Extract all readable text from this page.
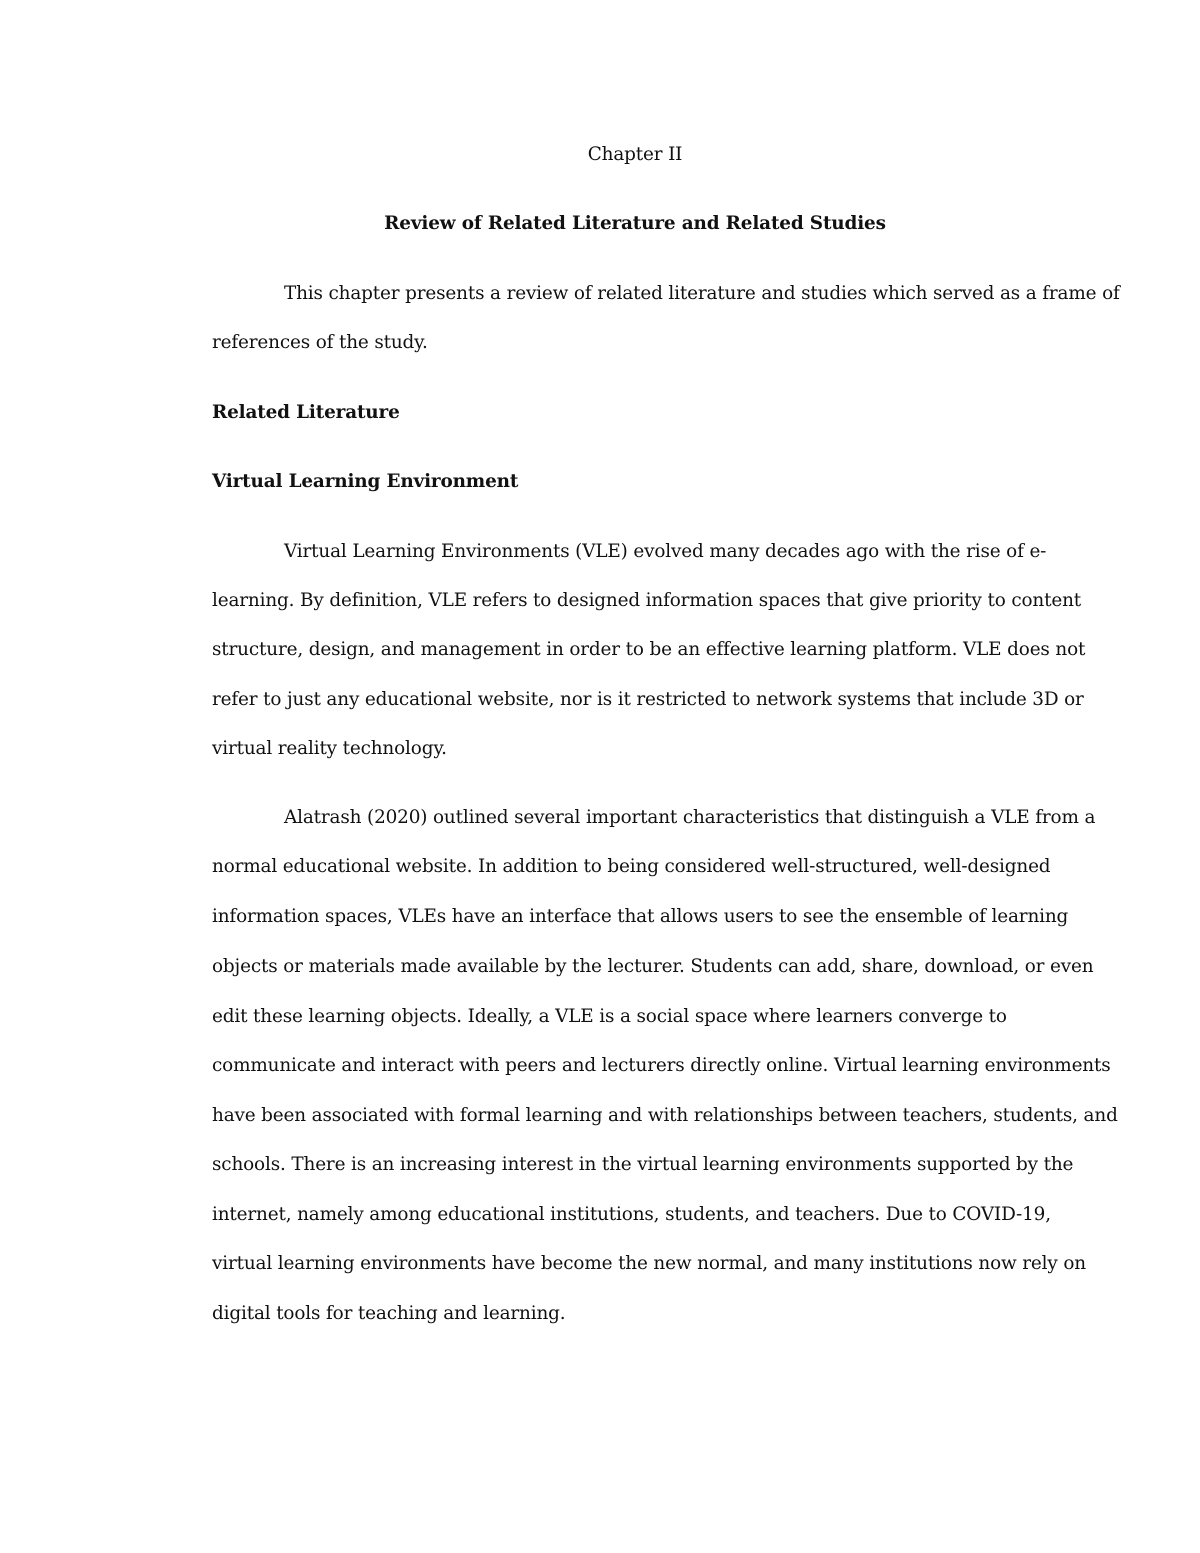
Chapter II
Review of Related Literature and Related Studies
This chapter presents a review of related literature and studies which served as a frame of
references of the study.
Related Literature
Virtual Learning Environment
Virtual Learning Environments (VLE) evolved many decades ago with the rise of e-
learning. By definition, VLE refers to designed information spaces that give priority to content
structure, design, and management in order to be an effective learning platform. VLE does not
refer to just any educational website, nor is it restricted to network systems that include 3D or
virtual reality technology.
Alatrash (2020) outlined several important characteristics that distinguish a VLE from a
normal educational website. In addition to being considered well-structured, well-designed
information spaces, VLEs have an interface that allows users to see the ensemble of learning
objects or materials made available by the lecturer. Students can add, share, download, or even
edit these learning objects. Ideally, a VLE is a social space where learners converge to
communicate and interact with peers and lecturers directly online. Virtual learning environments
have been associated with formal learning and with relationships between teachers, students, and
schools. There is an increasing interest in the virtual learning environments supported by the
internet, namely among educational institutions, students, and teachers. Due to COVID-19,
virtual learning environments have become the new normal, and many institutions now rely on
digital tools for teaching and learning.
